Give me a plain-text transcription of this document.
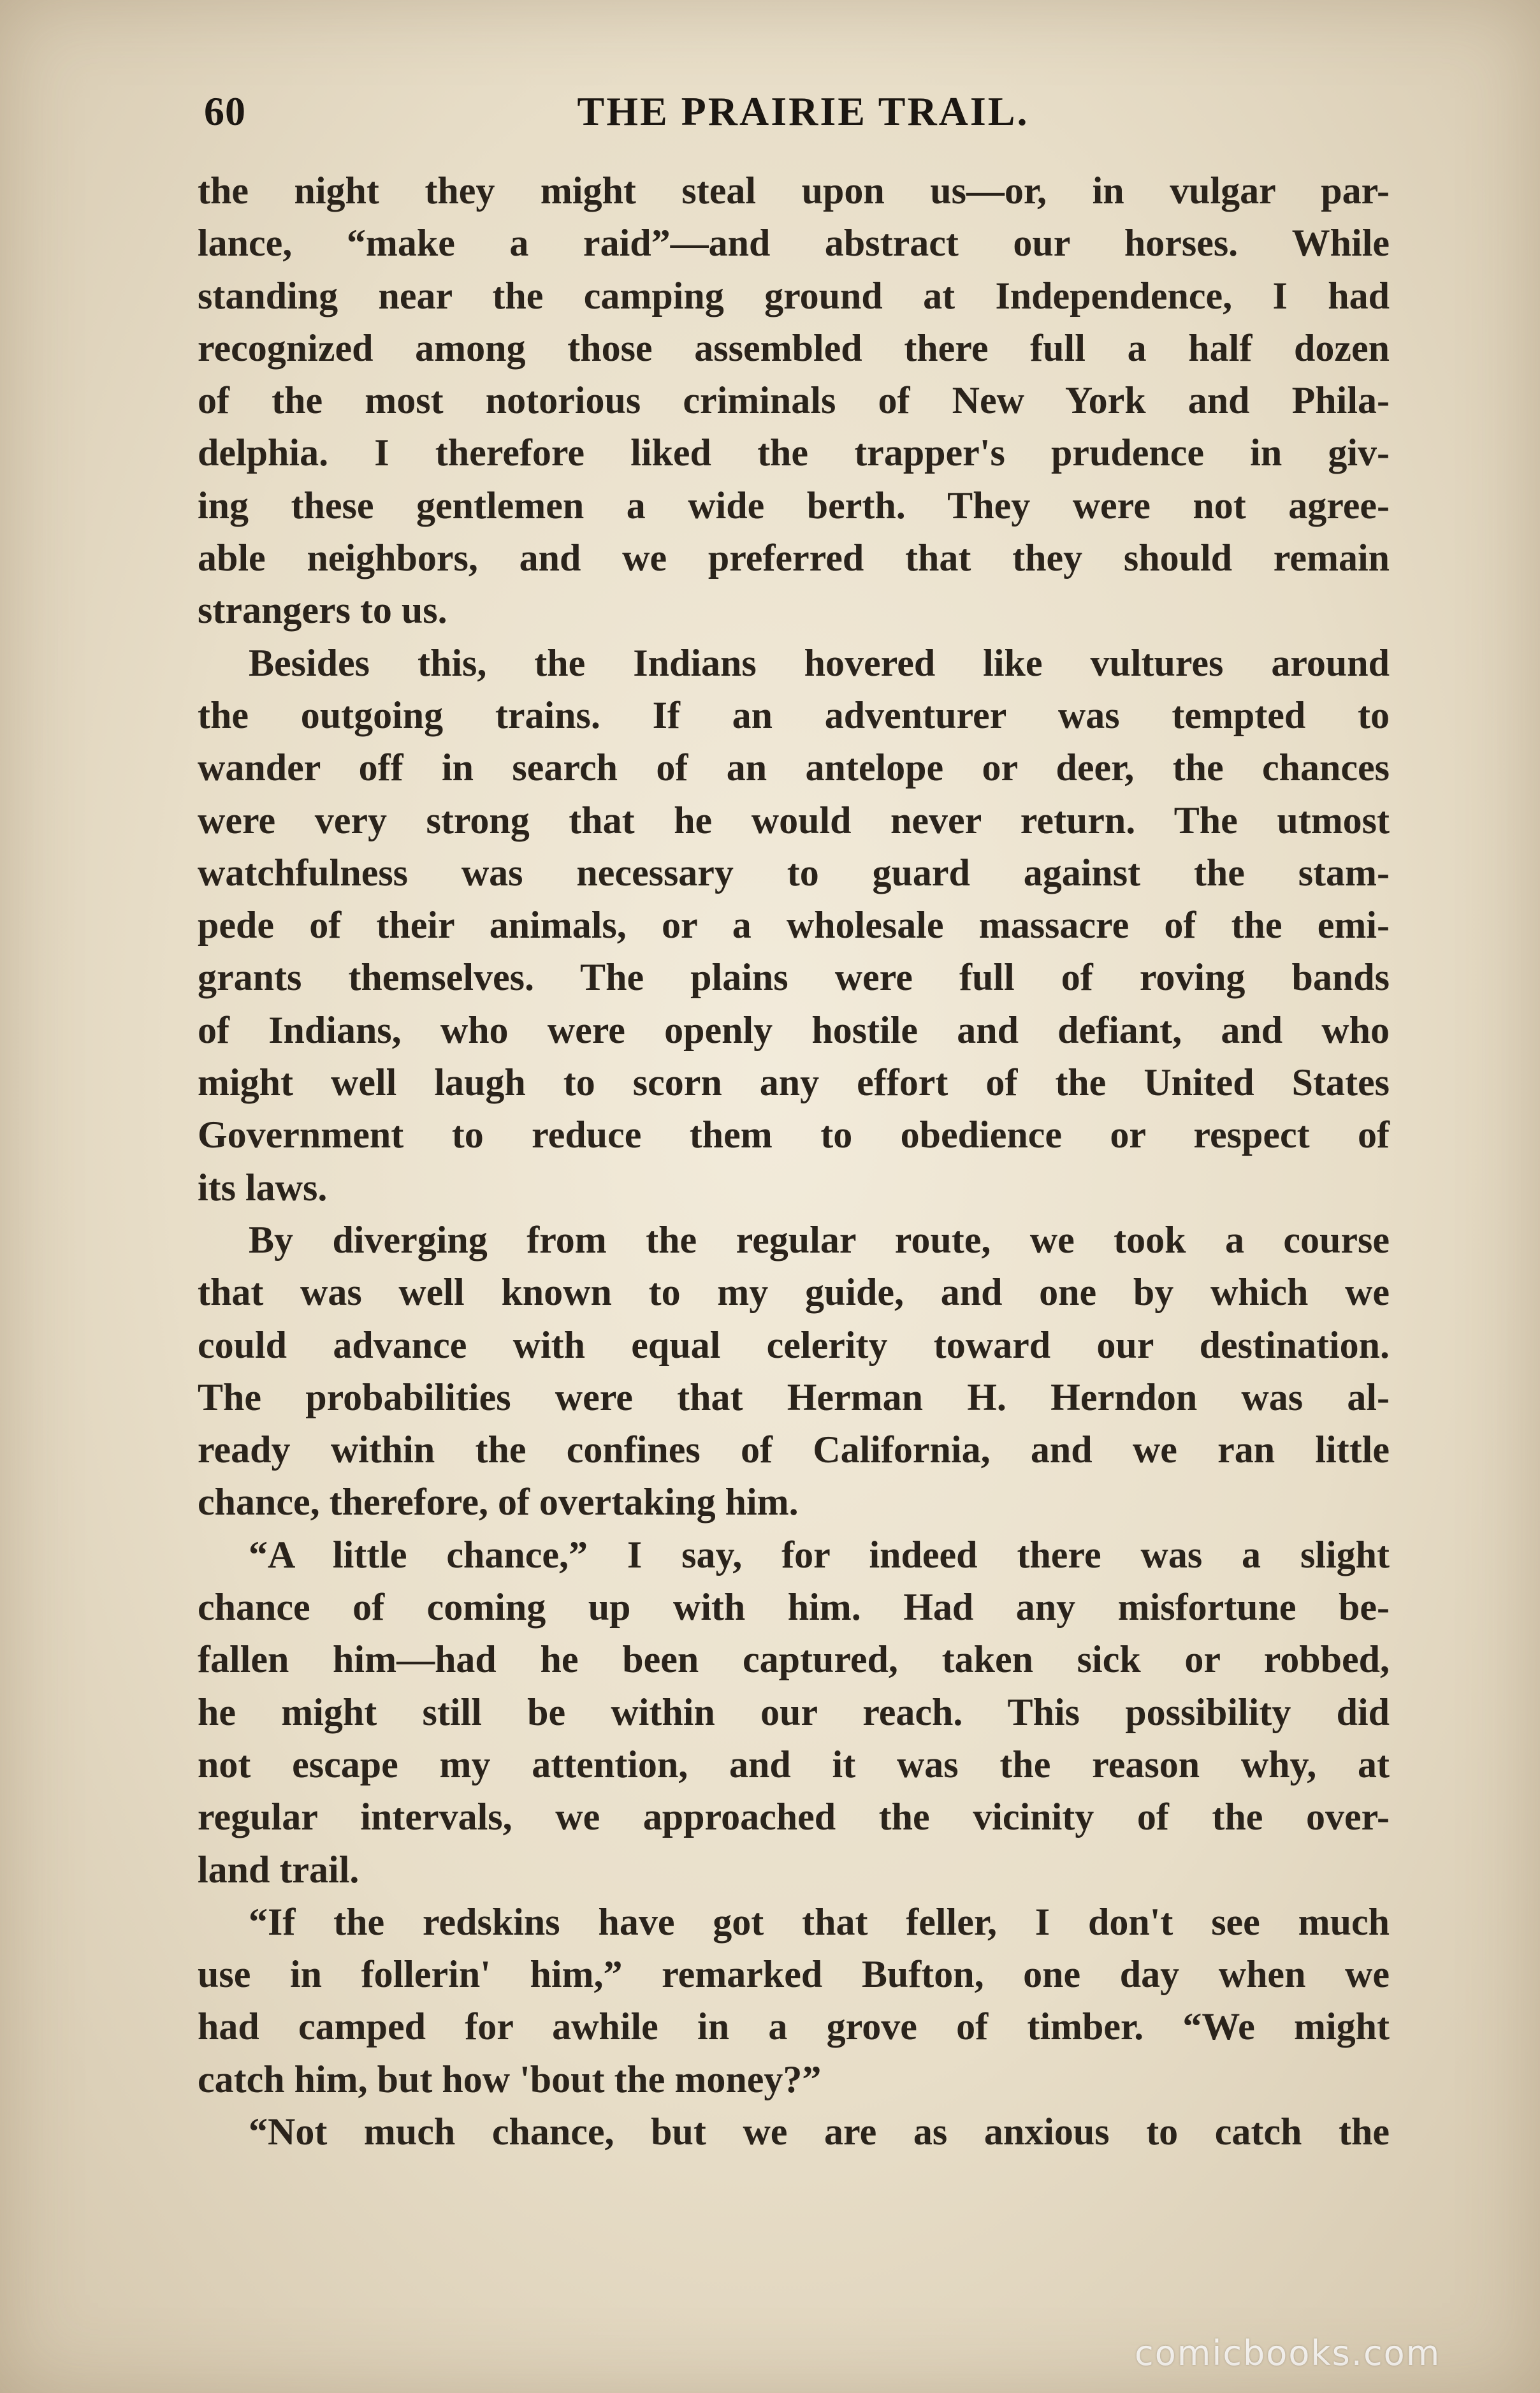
60	THE PRAIRIE TRAIL.
the night they might steal upon us—or, in vulgar par-
lance, “make a raid”—and abstract our horses. While
standing near the camping ground at Independence, I had
recognized among those assembled there full a half dozen
of the most notorious criminals of New York and Phila-
delphia. I therefore liked the trapper's prudence in giv-
ing these gentlemen a wide berth. They were not agree-
able neighbors, and we preferred that they should remain
strangers to us.
Besides this, the Indians hovered like vultures around
the outgoing trains. If an adventurer was tempted to
wander off in search of an antelope or deer, the chances
were very strong that he would never return. The utmost
watchfulness was necessary to guard against the stam-
pede of their animals, or a wholesale massacre of the emi-
grants themselves. The plains were full of roving bands
of Indians, who were openly hostile and defiant, and who
might well laugh to scorn any effort of the United States
Government to reduce them to obedience or respect of
its laws.
By diverging from the regular route, we took a course
that was well known to my guide, and one by which we
could advance with equal celerity toward our destination.
The probabilities were that Herman H. Herndon was al-
ready within the confines of California, and we ran little
chance, therefore, of overtaking him.
“A little chance,” I say, for indeed there was a slight
chance of coming up with him. Had any misfortune be-
fallen him—had he been captured, taken sick or robbed,
he might still be within our reach. This possibility did
not escape my attention, and it was the reason why, at
regular intervals, we approached the vicinity of the over-
land trail.
“If the redskins have got that feller, I don't see much
use in follerin' him,” remarked Bufton, one day when we
had camped for awhile in a grove of timber. “We might
catch him, but how 'bout the money?”
“Not much chance, but we are as anxious to catch the
comicbooks.com
